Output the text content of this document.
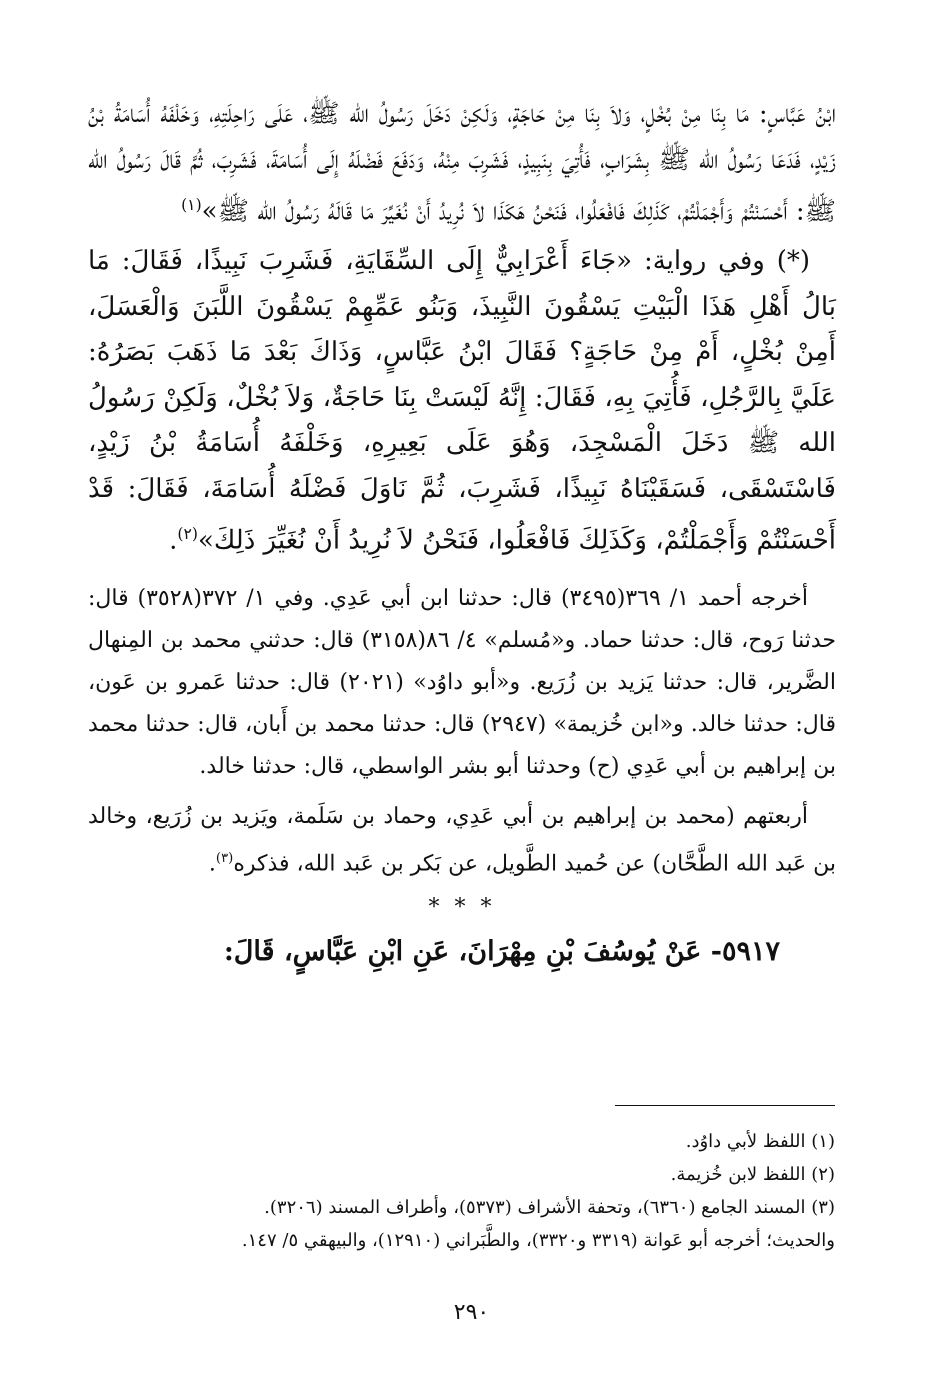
ابْنُ عَبَّاسٍ: مَا بِنَا مِنْ بُخْلٍ، وَلاَ بِنَا مِنْ حَاجَةٍ، وَلَكِنْ دَخَلَ رَسُولُ الله ﷺ، عَلَى رَاحِلَتِهِ، وَخَلْفَهُ أُسَامَةُ بْنُ زَيْدٍ، فَدَعَا رَسُولُ الله ﷺ بِشَرَابٍ، فَأُتِيَ بِنَبِيذٍ، فَشَرِبَ مِنْهُ، وَدَفَعَ فَضْلَهُ إِلَى أُسَامَةَ، فَشَرِبَ، ثُمَّ قَالَ رَسُولُ الله ﷺ: أَحْسَنْتُمْ وَأَجْمَلْتُمْ، كَذَلِكَ فَافْعَلُوا، فَنَحْنُ هَكَذَا لاَ نُرِيدُ أَنْ نُغَيِّرَ مَا قَالَهُ رَسُولُ الله ﷺ»$^{(١)}$

(*) وفي رواية: «جَاءَ أَعْرَابِيٌّ إِلَى السِّقَايَةِ، فَشَرِبَ نَبِيذًا، فَقَالَ: مَا بَالُ أَهْلِ هَذَا الْبَيْتِ يَسْقُونَ النَّبِيذَ، وَبَنُو عَمِّهِمْ يَسْقُونَ اللَّبَنَ وَالْعَسَلَ، أَمِنْ بُخْلٍ، أَمْ مِنْ حَاجَةٍ؟ فَقَالَ ابْنُ عَبَّاسٍ، وَذَاكَ بَعْدَ مَا ذَهَبَ بَصَرُهُ: عَلَيَّ بِالرَّجُلِ، فَأُتِيَ بِهِ، فَقَالَ: إِنَّهُ لَيْسَتْ بِنَا حَاجَةٌ، وَلاَ بُخْلٌ، وَلَكِنْ رَسُولُ الله ﷺ دَخَلَ الْمَسْجِدَ، وَهُوَ عَلَى بَعِيرِهِ، وَخَلْفَهُ أُسَامَةُ بْنُ زَيْدٍ، فَاسْتَسْقَى، فَسَقَيْنَاهُ نَبِيذًا، فَشَرِبَ، ثُمَّ نَاوَلَ فَضْلَهُ أُسَامَةَ، فَقَالَ: قَدْ أَحْسَنْتُمْ وَأَجْمَلْتُمْ، وَكَذَلِكَ فَافْعَلُوا، فَنَحْنُ لاَ نُرِيدُ أَنْ نُغَيِّرَ ذَلِكَ»$^{(٢)}$.

أخرجه أحمد ١/ ٣٦٩(٣٤٩٥) قال: حدثنا ابن أبي عَدِي. وفي ١/ ٣٧٢(٣٥٢٨) قال: حدثنا رَوح، قال: حدثنا حماد. و«مُسلم» ٤/ ٨٦(٣١٥٨) قال: حدثني محمد بن المِنهال الضَّرير، قال: حدثنا يَزيد بن زُرَيع. و«أبو داوُد» (٢٠٢١) قال: حدثنا عَمرو بن عَون، قال: حدثنا خالد. و«ابن خُزيمة» (٢٩٤٧) قال: حدثنا محمد بن أَبان، قال: حدثنا محمد بن إبراهيم بن أبي عَدِي (ح) وحدثنا أبو بشر الواسطي، قال: حدثنا خالد.

أربعتهم (محمد بن إبراهيم بن أبي عَدِي، وحماد بن سَلَمة، ويَزيد بن زُرَيع، وخالد بن عَبد الله الطَّحَّان) عن حُميد الطَّويل، عن بَكر بن عَبد الله، فذكره$^{(٣)}$.

* * *
٥٩١٧- عَنْ يُوسُفَ بْنِ مِهْرَانَ، عَنِ ابْنِ عَبَّاسٍ، قَالَ:
(١) اللفظ لأبي داوُد.
(٢) اللفظ لابن خُزيمة.
(٣) المسند الجامع (٦٣٦٠)، وتحفة الأشراف (٥٣٧٣)، وأطراف المسند (٣٢٠٦).
والحديث؛ أخرجه أبو عَوانة (٣٣١٩ و٣٣٢٠)، والطَّبَراني (١٢٩١٠)، والبيهقي ٥/ ١٤٧.
٢٩٠
